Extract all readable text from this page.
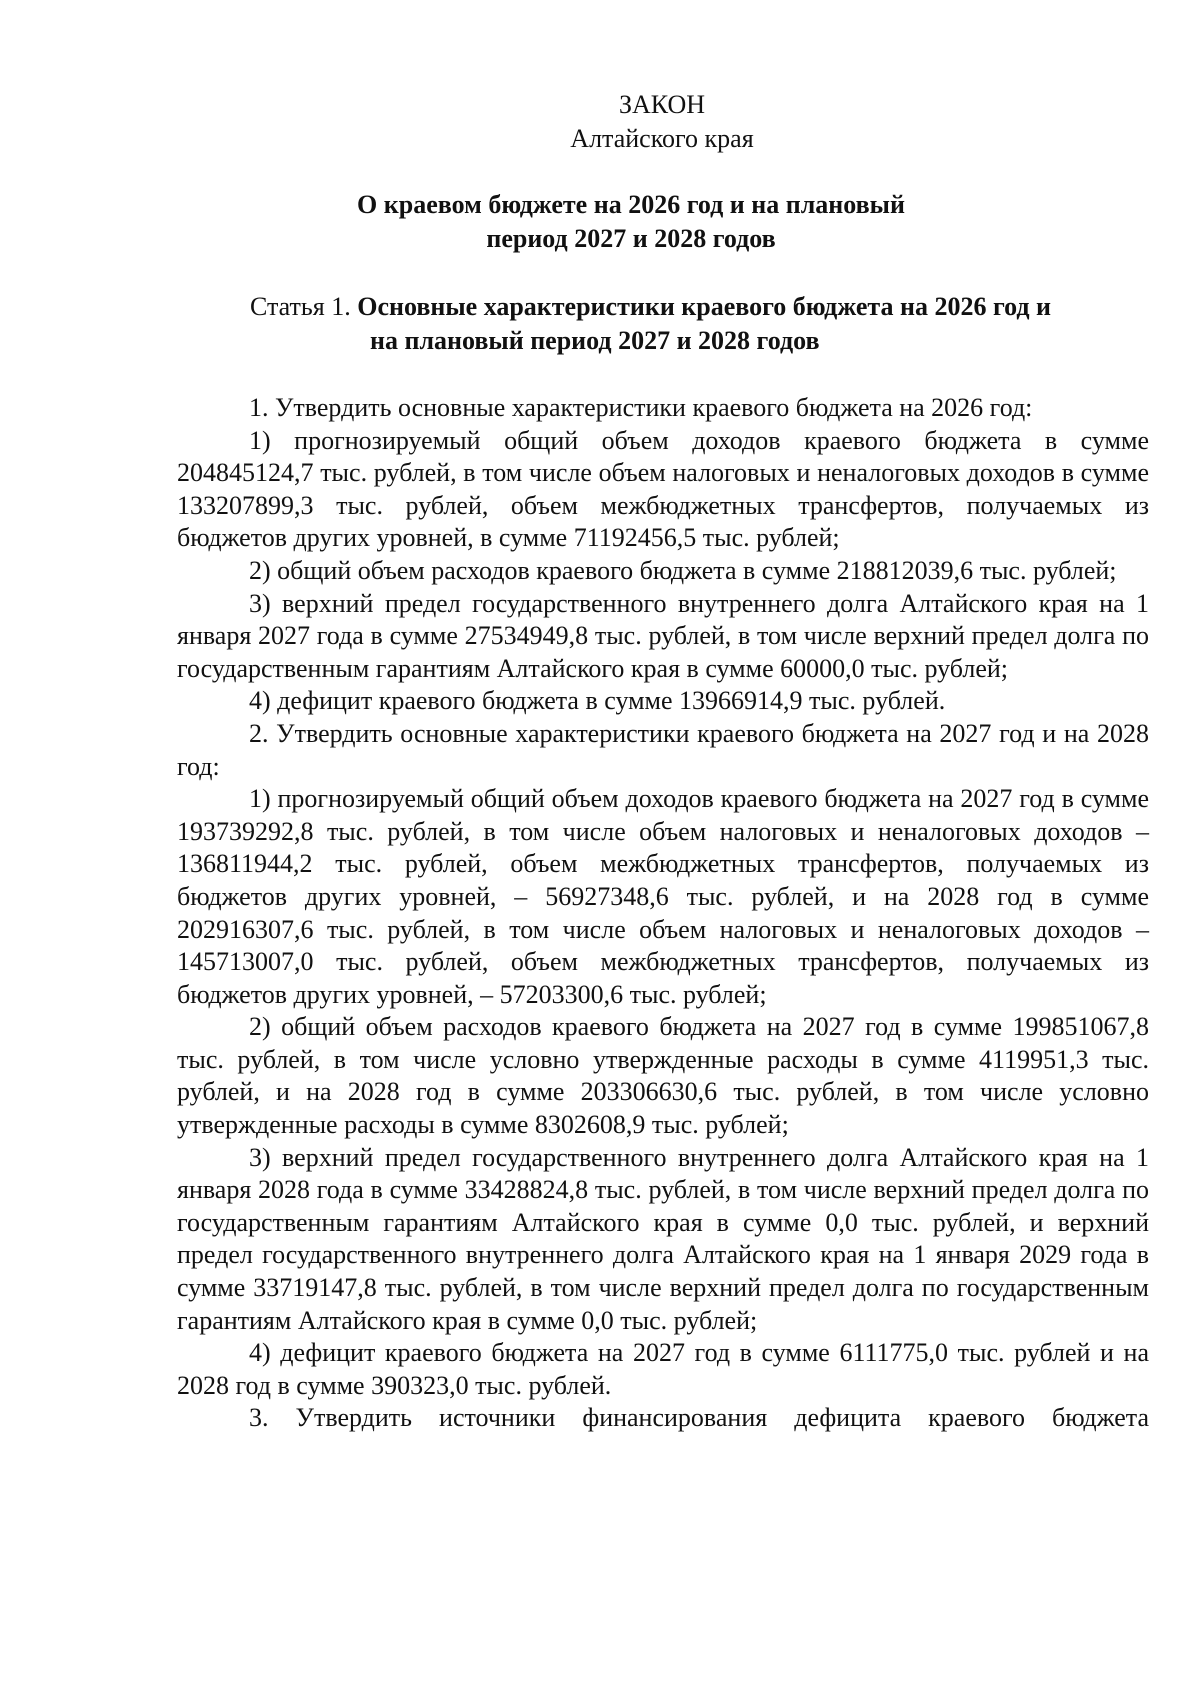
ЗАКОН
Алтайского края
О краевом бюджете на 2026 год и на плановый
период 2027 и 2028 годов
Статья 1. Основные характеристики краевого бюджета на 2026 год и
на плановый период 2027 и 2028 годов

1. Утвердить основные характеристики краевого бюджета на 2026 год:

1) прогнозируемый общий объем доходов краевого бюджета в сумме 204845124,7 тыс. рублей, в том числе объем налоговых и неналоговых доходов в сумме 133207899,3 тыс. рублей, объем межбюджетных трансфертов, получаемых из бюджетов других уровней, в сумме 71192456,5 тыс. рублей;

2) общий объем расходов краевого бюджета в сумме 218812039,6 тыс. рублей;

3) верхний предел государственного внутреннего долга Алтайского края на 1 января 2027 года в сумме 27534949,8 тыс. рублей, в том числе верхний предел долга по государственным гарантиям Алтайского края в сумме 60000,0 тыс. рублей;

4) дефицит краевого бюджета в сумме 13966914,9 тыс. рублей.

2. Утвердить основные характеристики краевого бюджета на 2027 год и на 2028 год:

1) прогнозируемый общий объем доходов краевого бюджета на 2027 год в сумме 193739292,8 тыс. рублей, в том числе объем налоговых и неналоговых доходов – 136811944,2 тыс. рублей, объем межбюджетных трансфертов, получаемых из бюджетов других уровней, – 56927348,6 тыс. рублей, и на 2028 год в сумме 202916307,6 тыс. рублей, в том числе объем налоговых и неналоговых доходов – 145713007,0 тыс. рублей, объем межбюджетных трансфертов, получаемых из бюджетов других уровней, – 57203300,6 тыс. рублей;

2) общий объем расходов краевого бюджета на 2027 год в сумме 199851067,8 тыс. рублей, в том числе условно утвержденные расходы в сумме 4119951,3 тыс. рублей, и на 2028 год в сумме 203306630,6 тыс. рублей, в том числе условно утвержденные расходы в сумме 8302608,9 тыс. рублей;

3) верхний предел государственного внутреннего долга Алтайского края на 1 января 2028 года в сумме 33428824,8 тыс. рублей, в том числе верхний предел долга по государственным гарантиям Алтайского края в сумме 0,0 тыс. рублей, и верхний предел государственного внутреннего долга Алтайского края на 1 января 2029 года в сумме 33719147,8 тыс. рублей, в том числе верхний предел долга по государственным гарантиям Алтайского края в сумме 0,0 тыс. рублей;

4) дефицит краевого бюджета на 2027 год в сумме 6111775,0 тыс. рублей и на 2028 год в сумме 390323,0 тыс. рублей.

3. Утвердить источники финансирования дефицита краевого бюджета
